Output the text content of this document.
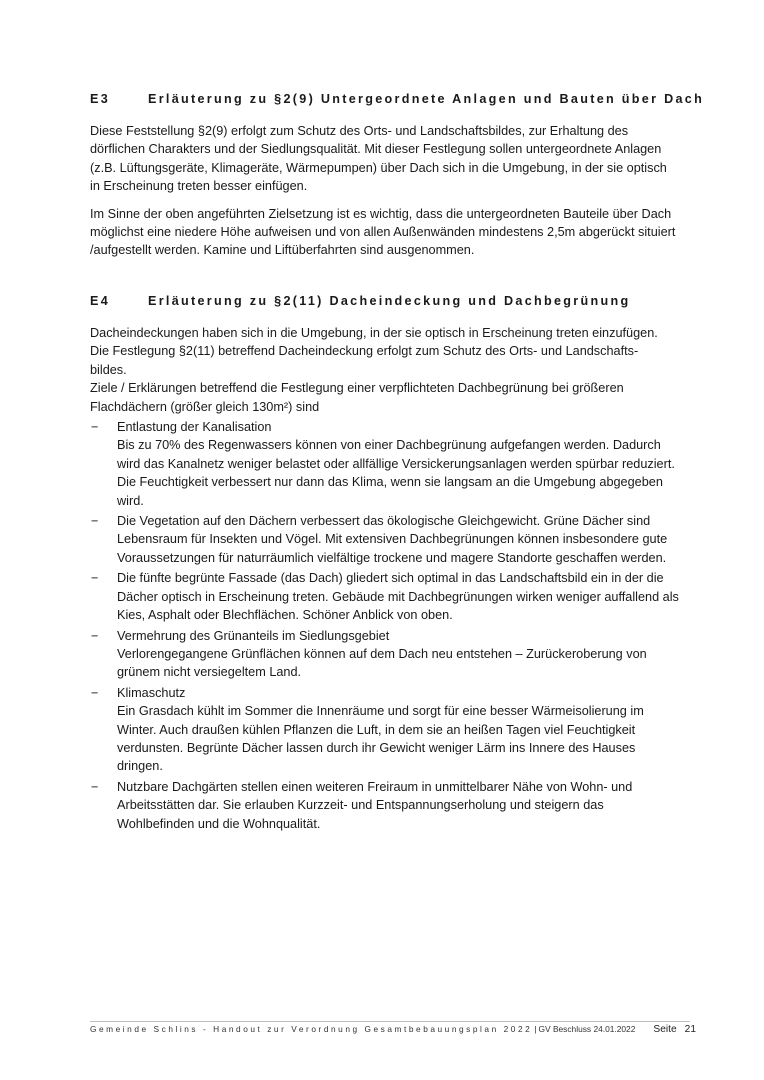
E3	Erläuterung zu §2(9) Untergeordnete Anlagen und Bauten über Dach

Diese Feststellung §2(9) erfolgt zum Schutz des Orts- und Landschaftsbildes, zur Erhaltung des dörflichen Charakters und der Siedlungsqualität. Mit dieser Festlegung sollen untergeordnete Anlagen (z.B. Lüftungsgeräte, Klimageräte, Wärmepumpen) über Dach sich in die Umgebung, in der sie optisch in Erscheinung treten besser einfügen.

Im Sinne der oben angeführten Zielsetzung ist es wichtig, dass die untergeordneten Bauteile über Dach möglichst eine niedere Höhe aufweisen und von allen Außenwänden mindestens 2,5m abgerückt situiert /aufgestellt werden. Kamine und Liftüberfahrten sind ausgenommen.

E4	Erläuterung zu §2(11) Dacheindeckung und Dachbegrünung

Dacheindeckungen haben sich in die Umgebung, in der sie optisch in Erscheinung treten einzufügen.
Die Festlegung §2(11) betreffend Dacheindeckung erfolgt zum Schutz des Orts- und Landschafts-
bildes.
Ziele / Erklärungen betreffend die Festlegung einer verpflichteten Dachbegrünung bei größeren
Flachdächern (größer gleich 130m²) sind

− Entlastung der Kanalisation
Bis zu 70% des Regenwassers können von einer Dachbegrünung aufgefangen werden. Dadurch wird das Kanalnetz weniger belastet oder allfällige Versickerungsanlagen werden spürbar reduziert. Die Feuchtigkeit verbessert nur dann das Klima, wenn sie langsam an die Umgebung abgegeben wird.
− Die Vegetation auf den Dächern verbessert das ökologische Gleichgewicht. Grüne Dächer sind Lebensraum für Insekten und Vögel. Mit extensiven Dachbegrünungen können insbesondere gute Voraussetzungen für naturräumlich vielfältige trockene und magere Standorte geschaffen werden.
− Die fünfte begrünte Fassade (das Dach) gliedert sich optimal in das Landschaftsbild ein in der die Dächer optisch in Erscheinung treten. Gebäude mit Dachbegrünungen wirken weniger auffallend als Kies, Asphalt oder Blechflächen. Schöner Anblick von oben.
− Vermehrung des Grünanteils im Siedlungsgebiet
Verlorengegangene Grünflächen können auf dem Dach neu entstehen – Zurückeroberung von grünem nicht versiegeltem Land.
− Klimaschutz
Ein Grasdach kühlt im Sommer die Innenräume und sorgt für eine besser Wärmeisolierung im Winter. Auch draußen kühlen Pflanzen die Luft, in dem sie an heißen Tagen viel Feuchtigkeit verdunsten. Begrünte Dächer lassen durch ihr Gewicht weniger Lärm ins Innere des Hauses dringen.
− Nutzbare Dachgärten stellen einen weiteren Freiraum in unmittelbarer Nähe von Wohn- und Arbeitsstätten dar. Sie erlauben Kurzzeit- und Entspannungserholung und steigern das Wohlbefinden und die Wohnqualität.
Gemeinde Schlins - Handout zur Verordnung Gesamtbebauungsplan 2022 | GV Beschluss 24.01.2022 Seite 21
